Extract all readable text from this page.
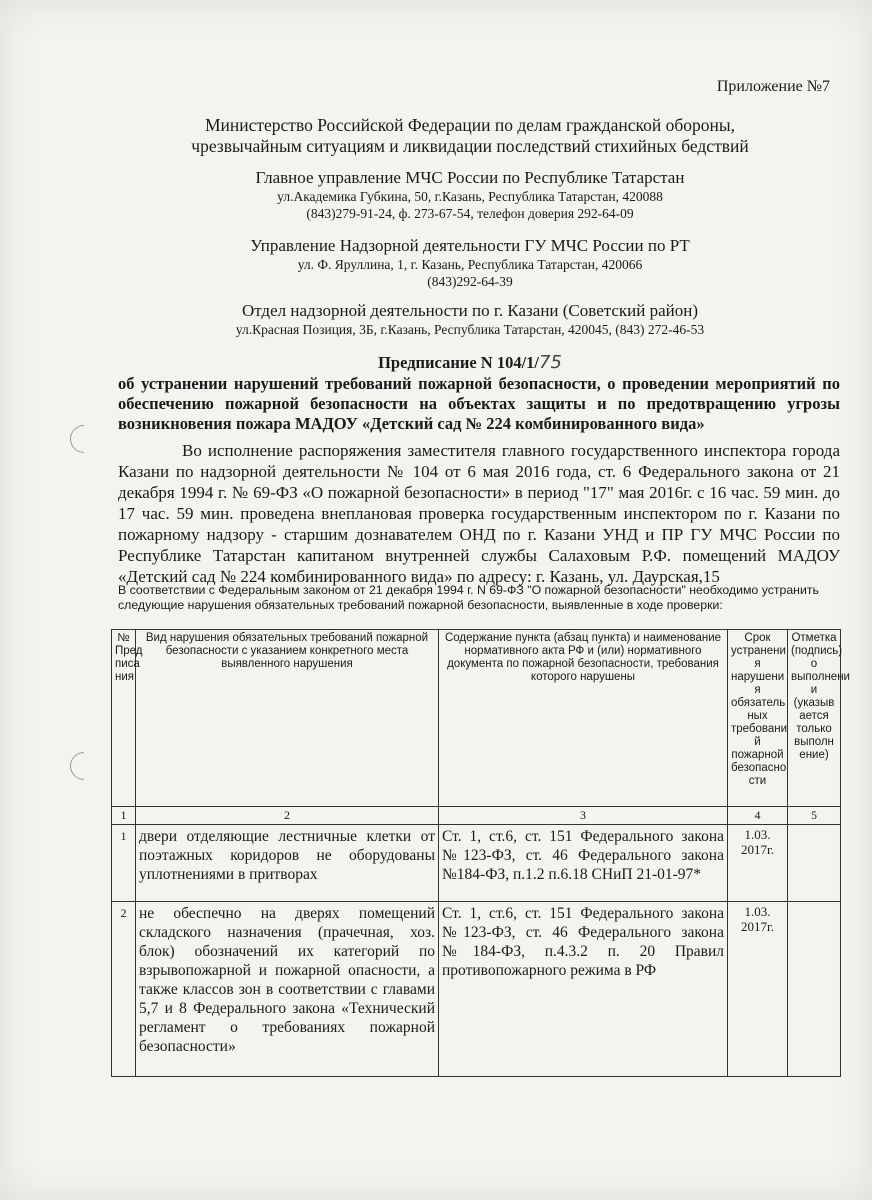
Приложение №7
Министерство Российской Федерации по делам гражданской обороны,
чрезвычайным ситуациям и ликвидации последствий стихийных бедствий
Главное управление МЧС России по Республике Татарстан
ул.Академика Губкина, 50, г.Казань, Республика Татарстан, 420088
(843)279-91-24, ф. 273-67-54, телефон доверия 292-64-09
Управление Надзорной деятельности ГУ МЧС России по РТ
ул. Ф. Яруллина, 1, г. Казань, Республика Татарстан, 420066
(843)292-64-39
Отдел надзорной деятельности по г. Казани (Советский район)
ул.Красная Позиция, 3Б, г.Казань, Республика Татарстан, 420045, (843) 272-46-53
Предписание N 104/1/75
об устранении нарушений требований пожарной безопасности, о проведении мероприятий по обеспечению пожарной безопасности на объектах защиты и по предотвращению угрозы возникновения пожара МАДОУ «Детский сад № 224 комбинированного вида»
Во исполнение распоряжения заместителя главного государственного инспектора города Казани по надзорной деятельности № 104 от 6 мая 2016 года, ст. 6 Федерального закона от 21 декабря 1994 г. № 69-ФЗ «О пожарной безопасности» в период "17" мая 2016г. с 16 час. 59 мин. до 17 час. 59 мин. проведена внеплановая проверка государственным инспектором по г. Казани по пожарному надзору - старшим дознавателем ОНД по г. Казани УНД и ПР ГУ МЧС России по Республике Татарстан капитаном внутренней службы Салаховым Р.Ф. помещений МАДОУ «Детский сад № 224 комбинированного вида» по адресу: г. Казань, ул. Даурская,15
В соответствии с Федеральным законом от 21 декабря 1994 г. N 69-ФЗ "О пожарной безопасности" необходимо устранить следующие нарушения обязательных требований пожарной безопасности, выявленные в ходе проверки:
№ Пред писа ния	Вид нарушения обязательных требований пожарной безопасности с указанием конкретного места выявленного нарушения	Содержание пункта (абзац пункта) и наименование нормативного акта РФ и (или) нормативного документа по пожарной безопасности, требования которого нарушены	Срок устранени я нарушени я обязатель ных требовани й пожарной безопасно сти	Отметка (подпись) о выполнени и (указыв ается только выполн ение)
1	2	3	4	5
1	двери отделяющие лестничные клетки от поэтажных коридоров не оборудованы уплотнениями в притворах	Ст. 1, ст.6, ст. 151 Федерального закона №123-ФЗ, ст. 46 Федерального закона №184-ФЗ, п.1.2 п.6.18 СНиП 21-01-97*	1.03. 2017г.	
2	не обеспечно на дверях помещений складского назначения (прачечная, хоз. блок) обозначений их категорий по взрывопожарной и пожарной опасности, а также классов зон в соответствии с главами 5,7 и 8 Федерального закона «Технический регламент о требованиях пожарной безопасности»	Ст. 1, ст.6, ст. 151 Федерального закона №123-ФЗ, ст. 46 Федерального закона №184-ФЗ, п.4.3.2 п. 20 Правил противопожарного режима в РФ	1.03. 2017г.	
